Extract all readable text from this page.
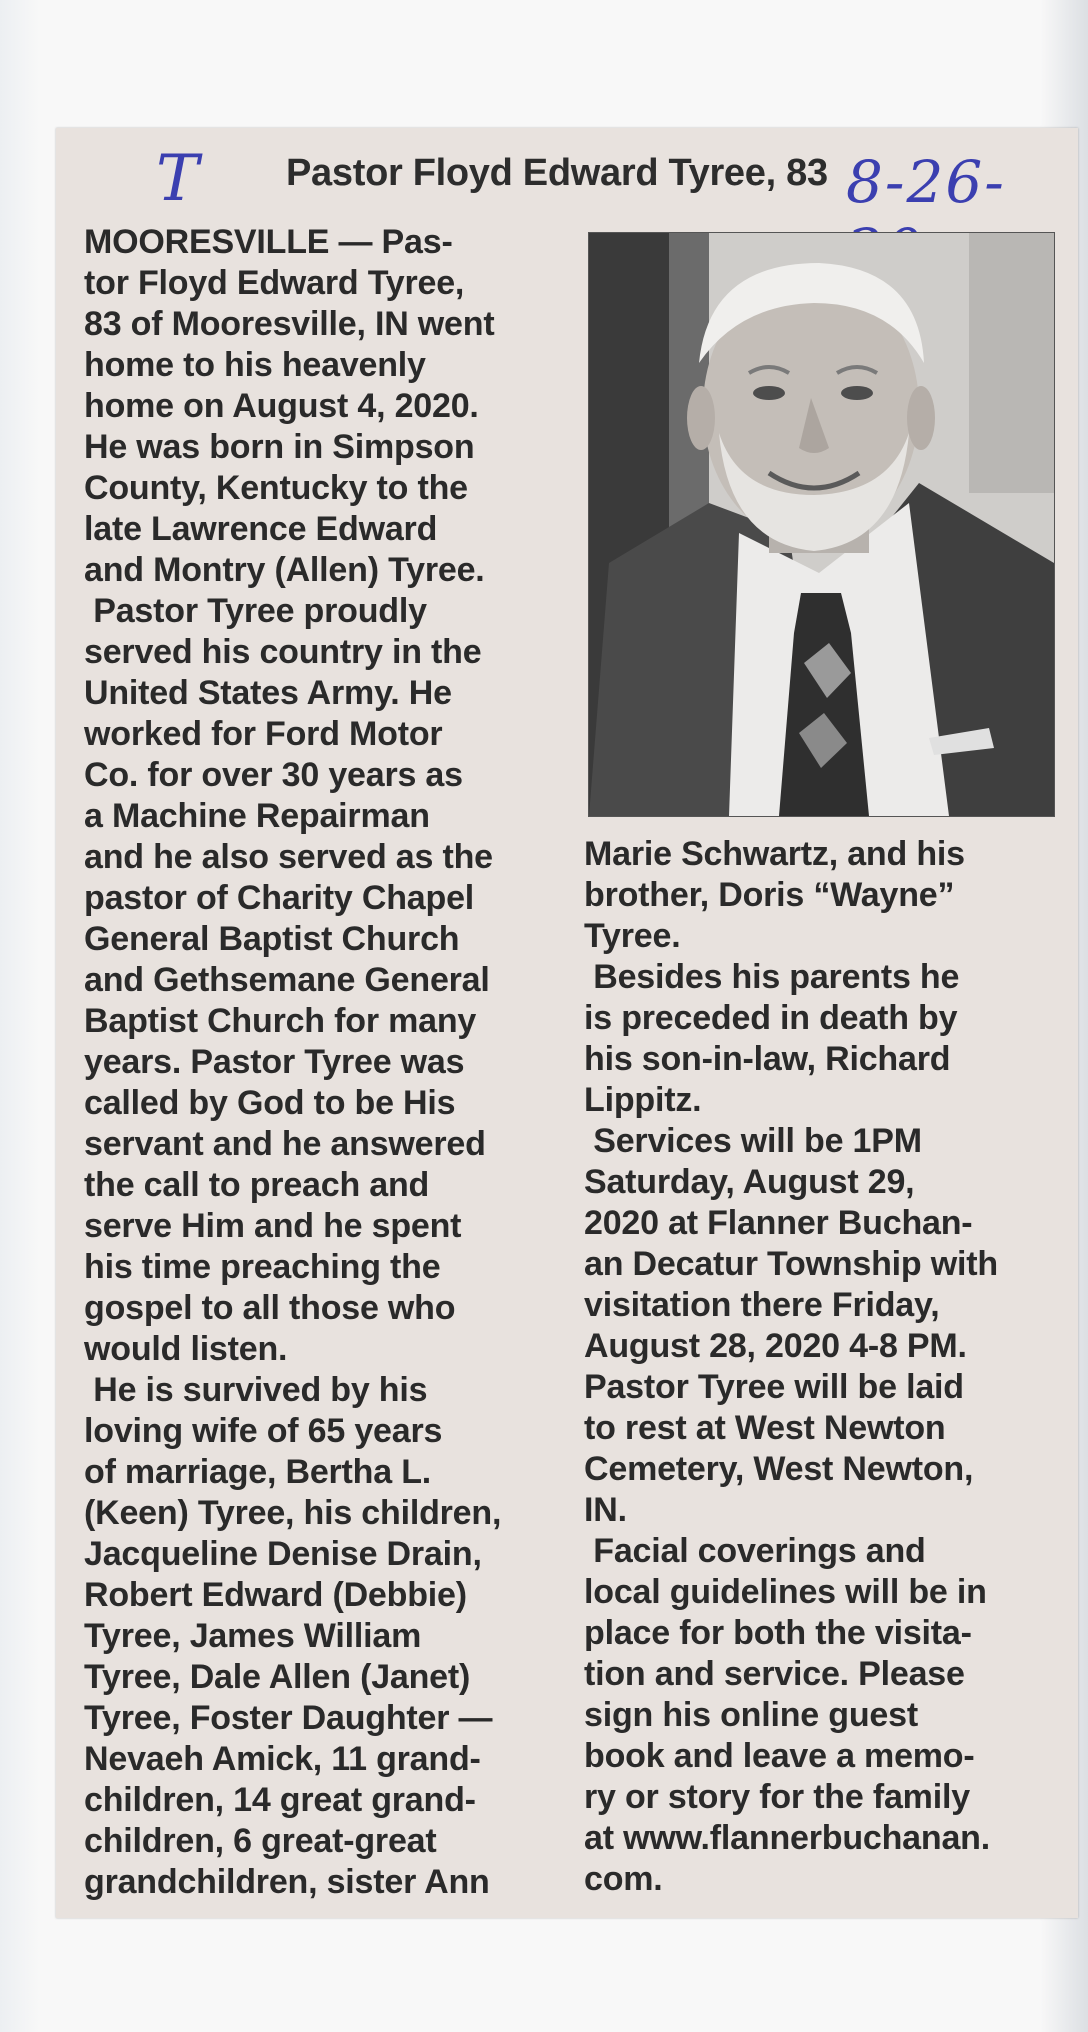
T Pastor Floyd Edward Tyree, 83 8-26-

MOORESVILLE — Pas-
tor Floyd Edward Tyree,
83 of Mooresville, IN went
home to his heavenly
home on August 4, 2020.
He was born in Simpson
County, Kentucky to the
late Lawrence Edward
and Montry (Allen) Tyree.
Pastor Tyree proudly
served his country in the
United States Army. He
worked for Ford Motor
Co. for over 30 years as
a Machine Repairman
and he also served as the
pastor of Charity Chapel
General Baptist Church
and Gethsemane General
Baptist Church for many
years. Pastor Tyree was
called by God to be His
servant and he answered
the call to preach and
serve Him and he spent
his time preaching the
gospel to all those who
would listen.
He is survived by his
loving wife of 65 years
of marriage, Bertha L.
(Keen) Tyree, his children,
Jacqueline Denise Drain,
Robert Edward (Debbie)
Tyree, James William
Tyree, Dale Allen (Janet)
Tyree, Foster Daughter —
Nevaeh Amick, 11 grand-
children, 14 great grand-
children, 6 great-great
grandchildren, sister Ann

Marie Schwartz, and his
brother, Doris “Wayne”
Tyree.
Besides his parents he
is preceded in death by
his son-in-law, Richard
Lippitz.
Services will be 1PM
Saturday, August 29,
2020 at Flanner Buchan-
an Decatur Township with
visitation there Friday,
August 28, 2020 4-8 PM.
Pastor Tyree will be laid
to rest at West Newton
Cemetery, West Newton,
IN.
Facial coverings and
local guidelines will be in
place for both the visita-
tion and service. Please
sign his online guest
book and leave a memo-
ry or story for the family
at www.flannerbuchanan.
com.
